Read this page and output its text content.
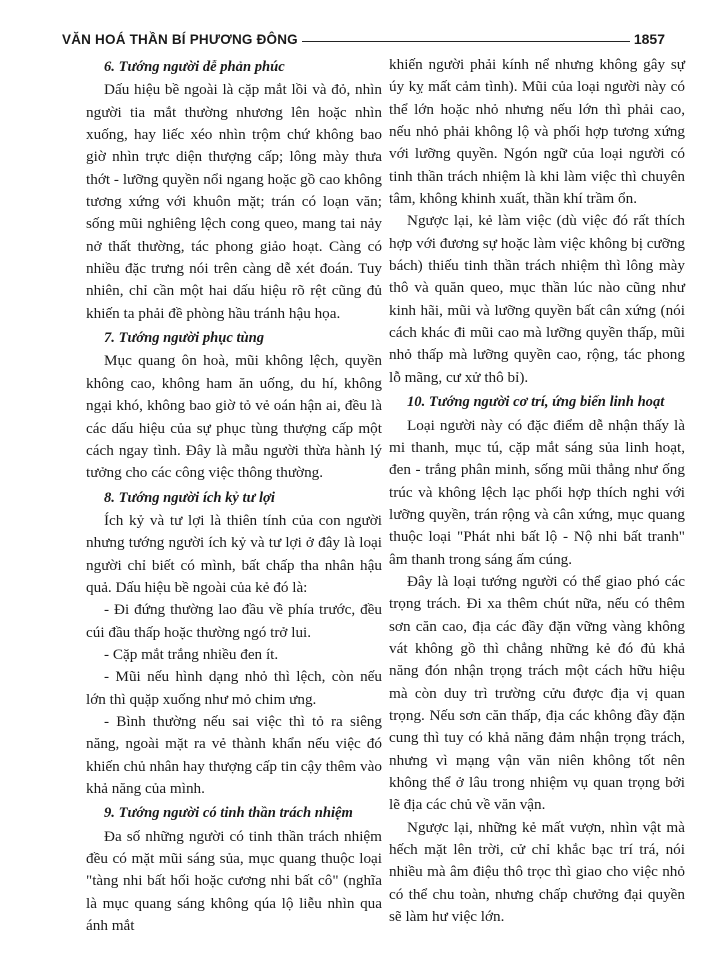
VĂN HOÁ THẦN BÍ PHƯƠNG ĐÔNG	1857
6. Tướng người dễ phản phúc

Dấu hiệu bề ngoài là cặp mắt lồi và đỏ, nhìn người tia mắt thường nhương lên hoặc nhìn xuống, hay liếc xéo nhìn trộm chứ không bao giờ nhìn trực diện thượng cấp; lông mày thưa thớt - lưỡng quyền nổi ngang hoặc gồ cao không tương xứng với khuôn mặt; trán có loạn văn; sống mũi nghiêng lệch cong queo, mang tai nảy nở thất thường, tác phong giảo hoạt. Càng có nhiều đặc trưng nói trên càng dễ xét đoán. Tuy nhiên, chỉ cần một hai dấu hiệu rõ rệt cũng đủ khiến ta phải đề phòng hầu tránh hậu họa.

7. Tướng người phục tùng

Mục quang ôn hoà, mũi không lệch, quyền không cao, không ham ăn uống, du hí, không ngại khó, không bao giờ tỏ vẻ oán hận ai, đều là các dấu hiệu của sự phục tùng thượng cấp một cách ngay tình. Đây là mẫu người thừa hành lý tưởng cho các công việc thông thường.

8. Tướng người ích kỷ tư lợi

Ích kỷ và tư lợi là thiên tính của con người nhưng tướng người ích kỷ và tư lợi ở đây là loại người chỉ biết có mình, bất chấp tha nhân hậu quả. Dấu hiệu bề ngoài của kẻ đó là:

- Đi đứng thường lao đầu về phía trước, đều cúi đầu thấp hoặc thường ngó trở lui.

- Cặp mắt trắng nhiều đen ít.

- Mũi nếu hình dạng nhỏ thì lệch, còn nếu lớn thì quặp xuống như mỏ chim ưng.

- Bình thường nếu sai việc thì tỏ ra siêng năng, ngoài mặt ra vẻ thành khẩn nếu việc đó khiến chủ nhân hay thượng cấp tin cậy thêm vào khả năng của mình.

9. Tướng người có tinh thần trách nhiệm

Đa số những người có tinh thần trách nhiệm đều có mặt mũi sáng sủa, mục quang thuộc loại "tàng nhi bất hối hoặc cương nhi bất cô" (nghĩa là mục quang sáng không qúa lộ liễu nhìn qua ánh mắt

khiến người phải kính nể nhưng không gây sự úy kỵ mất cảm tình). Mũi của loại người này có thể lớn hoặc nhỏ nhưng nếu lớn thì phải cao, nếu nhỏ phải không lộ và phối hợp tương xứng với lưỡng quyền. Ngón ngữ của loại người có tinh thần trách nhiệm là khi làm việc thì chuyên tâm, không khinh xuất, thần khí trầm ổn.

Ngược lại, kẻ làm việc (dù việc đó rất thích hợp với đương sự hoặc làm việc không bị cưỡng bách) thiếu tinh thần trách nhiệm thì lông mày thô và quăn queo, mục thần lúc nào cũng như kinh hãi, mũi và lưỡng quyền bất cân xứng (nói cách khác đi mũi cao mà lưỡng quyền thấp, mũi nhỏ thấp mà lưỡng quyền cao, rộng, tác phong lỗ mãng, cư xử thô bỉ).

10. Tướng người cơ trí, ứng biến linh hoạt

Loại người này có đặc điểm dễ nhận thấy là mi thanh, mục tú, cặp mắt sáng sủa linh hoạt, đen - trắng phân minh, sống mũi thẳng như ống trúc và không lệch lạc phối hợp thích nghi với lưỡng quyền, trán rộng và cân xứng, mục quang thuộc loại "Phát nhi bất lộ - Nộ nhi bất tranh" âm thanh trong sáng ấm cúng.

Đây là loại tướng người có thể giao phó các trọng trách. Đi xa thêm chút nữa, nếu có thêm sơn căn cao, địa các đầy đặn vững vàng không vát không gồ thì chẳng những kẻ đó đủ khả năng đón nhận trọng trách một cách hữu hiệu mà còn duy trì trường cửu được địa vị quan trọng. Nếu sơn căn thấp, địa các không đầy đặn cung thì tuy có khả năng đảm nhận trọng trách, nhưng vì mạng vận văn niên không tốt nên không thể ở lâu trong nhiệm vụ quan trọng bởi lẽ địa các chủ về văn vận.

Ngược lại, những kẻ mất vượn, nhìn vật mà hếch mặt lên trời, cử chỉ khắc bạc trí trá, nói nhiều mà âm điệu thô trọc thì giao cho việc nhỏ có thể chu toàn, nhưng chấp chưởng đại quyền sẽ làm hư việc lớn.
